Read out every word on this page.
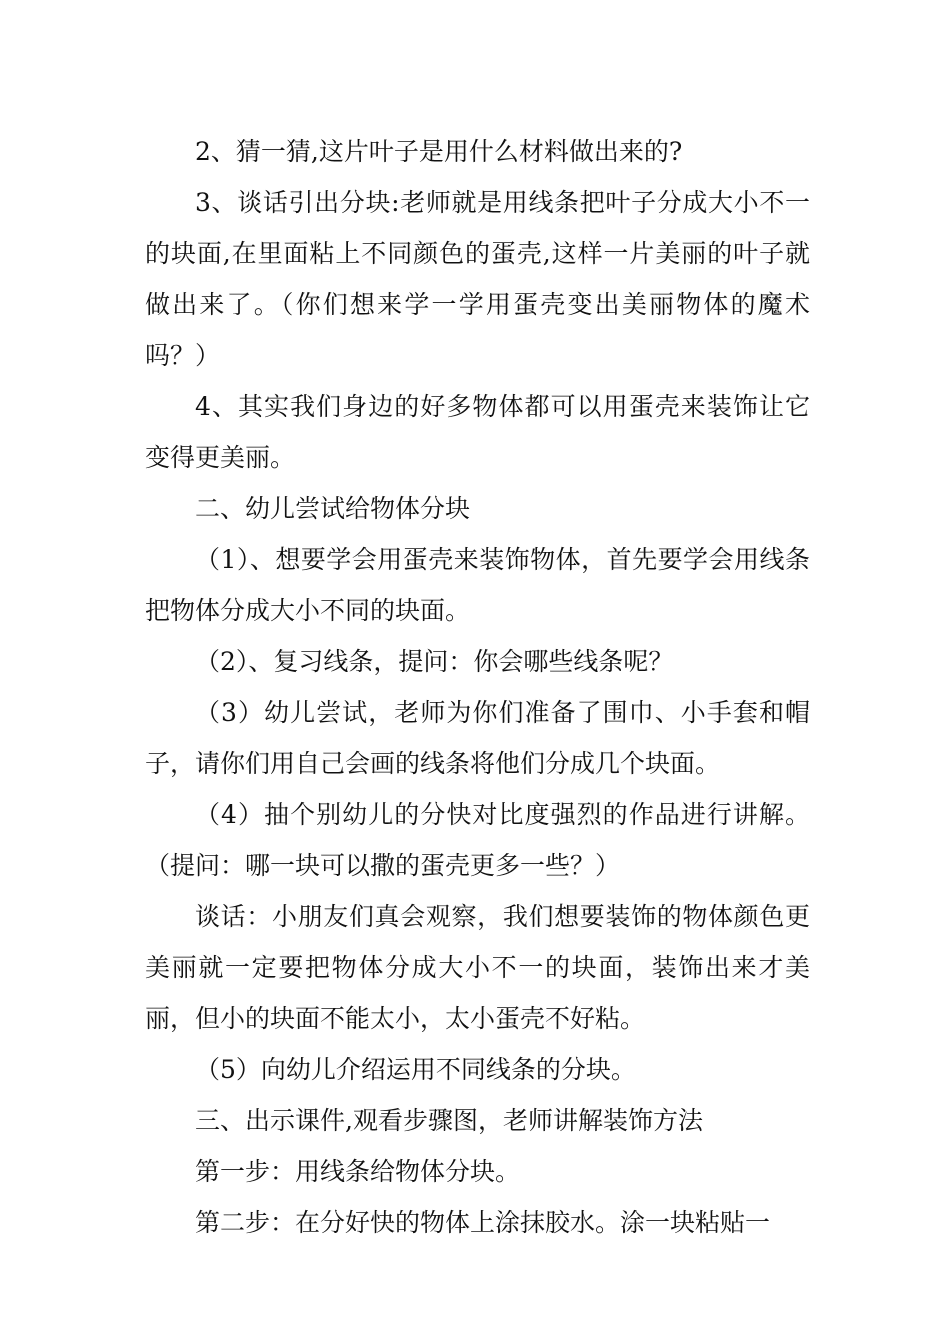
2、猜一猜,这片叶子是用什么材料做出来的?

3、谈话引出分块:老师就是用线条把叶子分成大小不一的块面,在里面粘上不同颜色的蛋壳,这样一片美丽的叶子就做出来了。（你们想来学一学用蛋壳变出美丽物体的魔术吗？）

4、其实我们身边的好多物体都可以用蛋壳来装饰让它变得更美丽。

二、幼儿尝试给物体分块

（1）、想要学会用蛋壳来装饰物体，首先要学会用线条把物体分成大小不同的块面。

（2）、复习线条，提问：你会哪些线条呢？

（3）幼儿尝试，老师为你们准备了围巾、小手套和帽子，请你们用自己会画的线条将他们分成几个块面。

（4）抽个别幼儿的分快对比度强烈的作品进行讲解。（提问：哪一块可以撒的蛋壳更多一些？）

谈话：小朋友们真会观察，我们想要装饰的物体颜色更美丽就一定要把物体分成大小不一的块面，装饰出来才美丽，但小的块面不能太小，太小蛋壳不好粘。

（5）向幼儿介绍运用不同线条的分块。

三、出示课件,观看步骤图，老师讲解装饰方法

第一步：用线条给物体分块。

第二步：在分好快的物体上涂抹胶水。涂一块粘贴一
